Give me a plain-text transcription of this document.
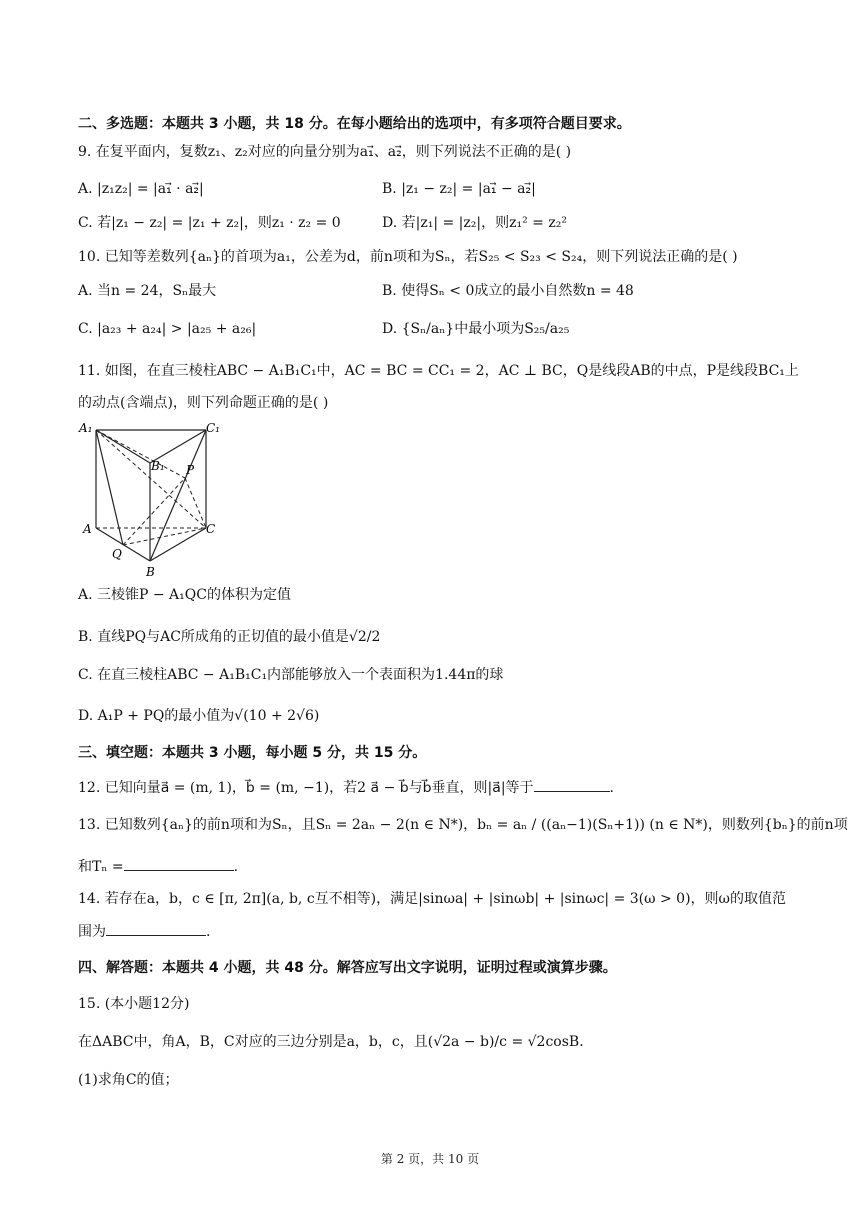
二、多选题：本题共 3 小题，共 18 分。在每小题给出的选项中，有多项符合题目要求。
9. 在复平面内，复数z₁、z₂对应的向量分别为a₁⃗、a₂⃗，则下列说法不正确的是( )
A. |z₁z₂| = |a₁⃗ · a₂⃗|	B. |z₁ − z₂| = |a₁⃗ − a₂⃗|
C. 若|z₁ − z₂| = |z₁ + z₂|，则z₁ · z₂ = 0	D. 若|z₁| = |z₂|，则z₁² = z₂²
10. 已知等差数列{aₙ}的首项为a₁，公差为d，前n项和为Sₙ，若S₂₅ < S₂₃ < S₂₄，则下列说法正确的是( )
A. 当n = 24，Sₙ最大	B. 使得Sₙ < 0成立的最小自然数n = 48
C. |a₂₃ + a₂₄| > |a₂₅ + a₂₆|	D. {Sₙ/aₙ}中最小项为S₂₅/a₂₅
11. 如图，在直三棱柱ABC − A₁B₁C₁中，AC = BC = CC₁ = 2，AC ⊥ BC，Q是线段AB的中点，P是线段BC₁上
的动点(含端点)，则下列命题正确的是( )
A₁	C₁
B₁ P
A	C
Q
B
A. 三棱锥P − A₁QC的体积为定值
B. 直线PQ与AC所成角的正切值的最小值是√2/2
C. 在直三棱柱ABC − A₁B₁C₁内部能够放入一个表面积为1.44π的球
D. A₁P + PQ的最小值为√(10 + 2√6)
三、填空题：本题共 3 小题，每小题 5 分，共 15 分。
12. 已知向量a⃗ = (m, 1)，b⃗ = (m, −1)，若2 a⃗ − b⃗与b⃗垂直，则|a⃗|等于	.
13. 已知数列{aₙ}的前n项和为Sₙ，且Sₙ = 2aₙ − 2(n ∈ N*)，bₙ = aₙ / ((aₙ−1)(Sₙ+1)) (n ∈ N*)，则数列{bₙ}的前n项
和Tₙ =	.
14. 若存在a，b，c ∈ [π, 2π](a, b, c互不相等)，满足|sinωa| + |sinωb| + |sinωc| = 3(ω > 0)，则ω的取值范
围为	.
四、解答题：本题共 4 小题，共 48 分。解答应写出文字说明，证明过程或演算步骤。
15. (本小题12分)
在ΔABC中，角A，B，C对应的三边分别是a，b，c，且(√2a − b)/c = √2cosB.
(1)求角C的值；
第 2 页，共 10 页
